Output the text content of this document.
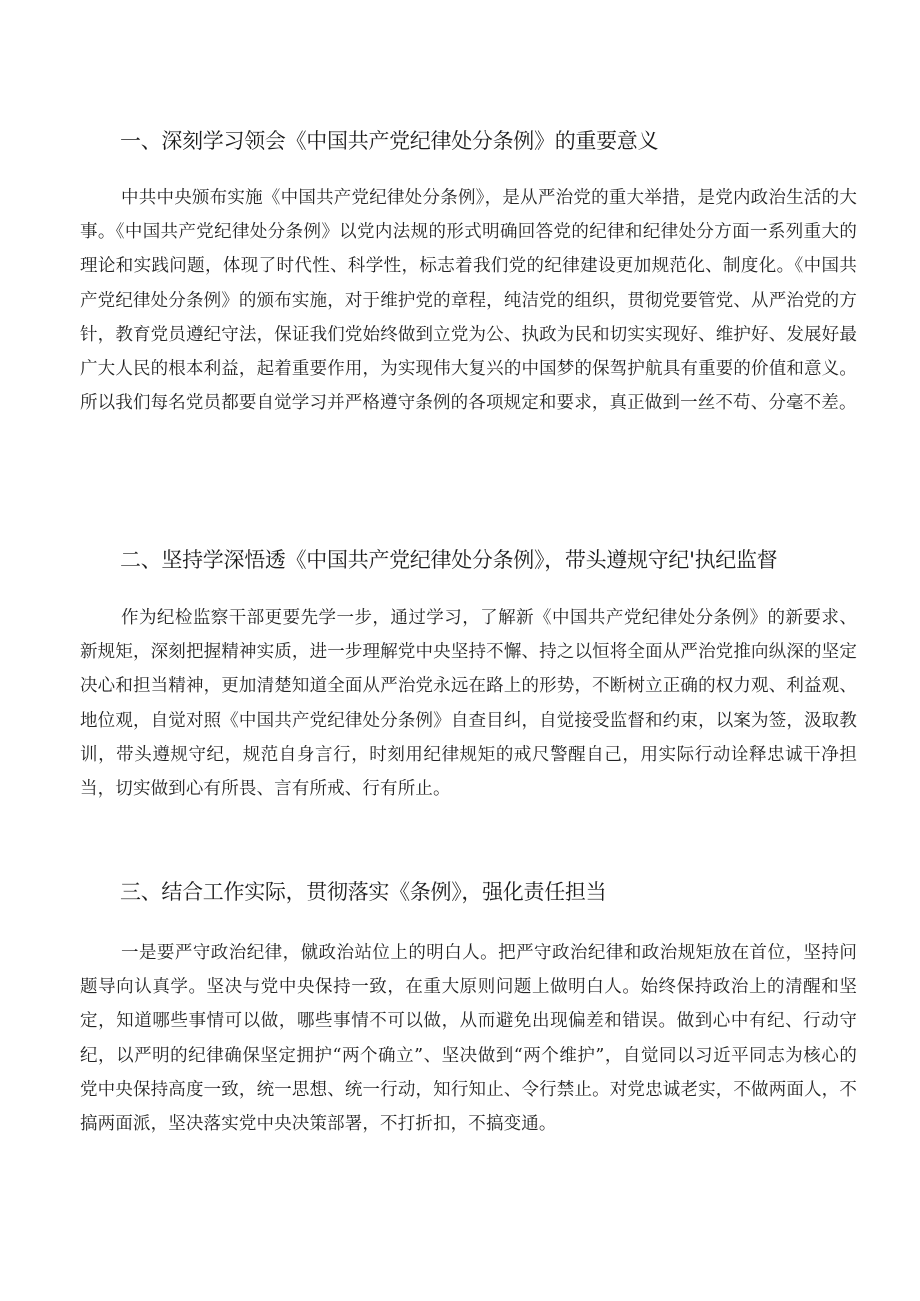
一、深刻学习领会《中国共产党纪律处分条例》的重要意义

中共中央颁布实施《中国共产党纪律处分条例》，是从严治党的重大举措，是党内政治生活的大事。《中国共产党纪律处分条例》以党内法规的形式明确回答党的纪律和纪律处分方面一系列重大的理论和实践问题，体现了时代性、科学性，标志着我们党的纪律建设更加规范化、制度化。《中国共产党纪律处分条例》的颁布实施，对于维护党的章程，纯洁党的组织，贯彻党要管党、从严治党的方针，教育党员遵纪守法，保证我们党始终做到立党为公、执政为民和切实实现好、维护好、发展好最广大人民的根本利益，起着重要作用，为实现伟大复兴的中国梦的保驾护航具有重要的价值和意义。所以我们每名党员都要自觉学习并严格遵守条例的各项规定和要求，真正做到一丝不苟、分毫不差。

二、坚持学深悟透《中国共产党纪律处分条例》，带头遵规守纪'执纪监督

作为纪检监察干部更要先学一步，通过学习，了解新《中国共产党纪律处分条例》的新要求、新规矩，深刻把握精神实质，进一步理解党中央坚持不懈、持之以恒将全面从严治党推向纵深的坚定决心和担当精神，更加清楚知道全面从严治党永远在路上的形势，不断树立正确的权力观、利益观、地位观，自觉对照《中国共产党纪律处分条例》自查目纠，自觉接受监督和约束，以案为签，汲取教训，带头遵规守纪，规范自身言行，时刻用纪律规矩的戒尺警醒自己，用实际行动诠释忠诚干净担当，切实做到心有所畏、言有所戒、行有所止。

三、结合工作实际，贯彻落实《条例》，强化责任担当

一是要严守政治纪律，僦政治站位上的明白人。把严守政治纪律和政治规矩放在首位，坚持问题导向认真学。坚决与党中央保持一致，在重大原则问题上做明白人。始终保持政治上的清醒和坚定，知道哪些事情可以做，哪些事情不可以做，从而避免出现偏差和错误。做到心中有纪、行动守纪，以严明的纪律确保坚定拥护“两个确立”、坚决做到“两个维护”，自觉同以习近平同志为核心的党中央保持高度一致，统一思想、统一行动，知行知止、令行禁止。对党忠诚老实，不做两面人，不搞两面派，坚决落实党中央决策部署，不打折扣，不搞变通。
